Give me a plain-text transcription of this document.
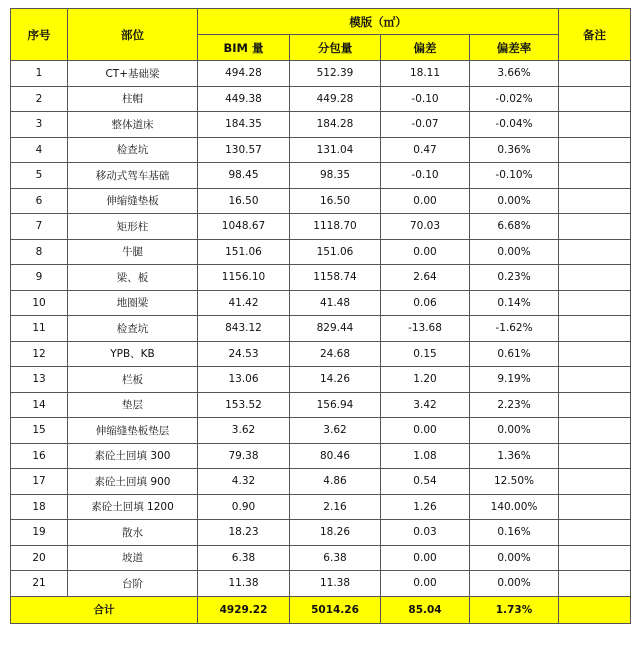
序号	部位	模版（㎡）				备注
		BIM 量	分包量	偏差	偏差率	
1	CT+基础梁	494.28	512.39	18.11	3.66%	
2	柱帽	449.38	449.28	-0.10	-0.02%	
3	整体道床	184.35	184.28	-0.07	-0.04%	
4	检查坑	130.57	131.04	0.47	0.36%	
5	移动式驾车基础	98.45	98.35	-0.10	-0.10%	
6	伸缩缝垫板	16.50	16.50	0.00	0.00%	
7	矩形柱	1048.67	1118.70	70.03	6.68%	
8	牛腿	151.06	151.06	0.00	0.00%	
9	梁、板	1156.10	1158.74	2.64	0.23%	
10	地圈梁	41.42	41.48	0.06	0.14%	
11	检查坑	843.12	829.44	-13.68	-1.62%	
12	YPB、KB	24.53	24.68	0.15	0.61%	
13	栏板	13.06	14.26	1.20	9.19%	
14	垫层	153.52	156.94	3.42	2.23%	
15	伸缩缝垫板垫层	3.62	3.62	0.00	0.00%	
16	素砼土回填 300	79.38	80.46	1.08	1.36%	
17	素砼土回填 900	4.32	4.86	0.54	12.50%	
18	素砼土回填 1200	0.90	2.16	1.26	140.00%	
19	散水	18.23	18.26	0.03	0.16%	
20	坡道	6.38	6.38	0.00	0.00%	
21	台阶	11.38	11.38	0.00	0.00%	
合计		4929.22	5014.26	85.04	1.73%	
